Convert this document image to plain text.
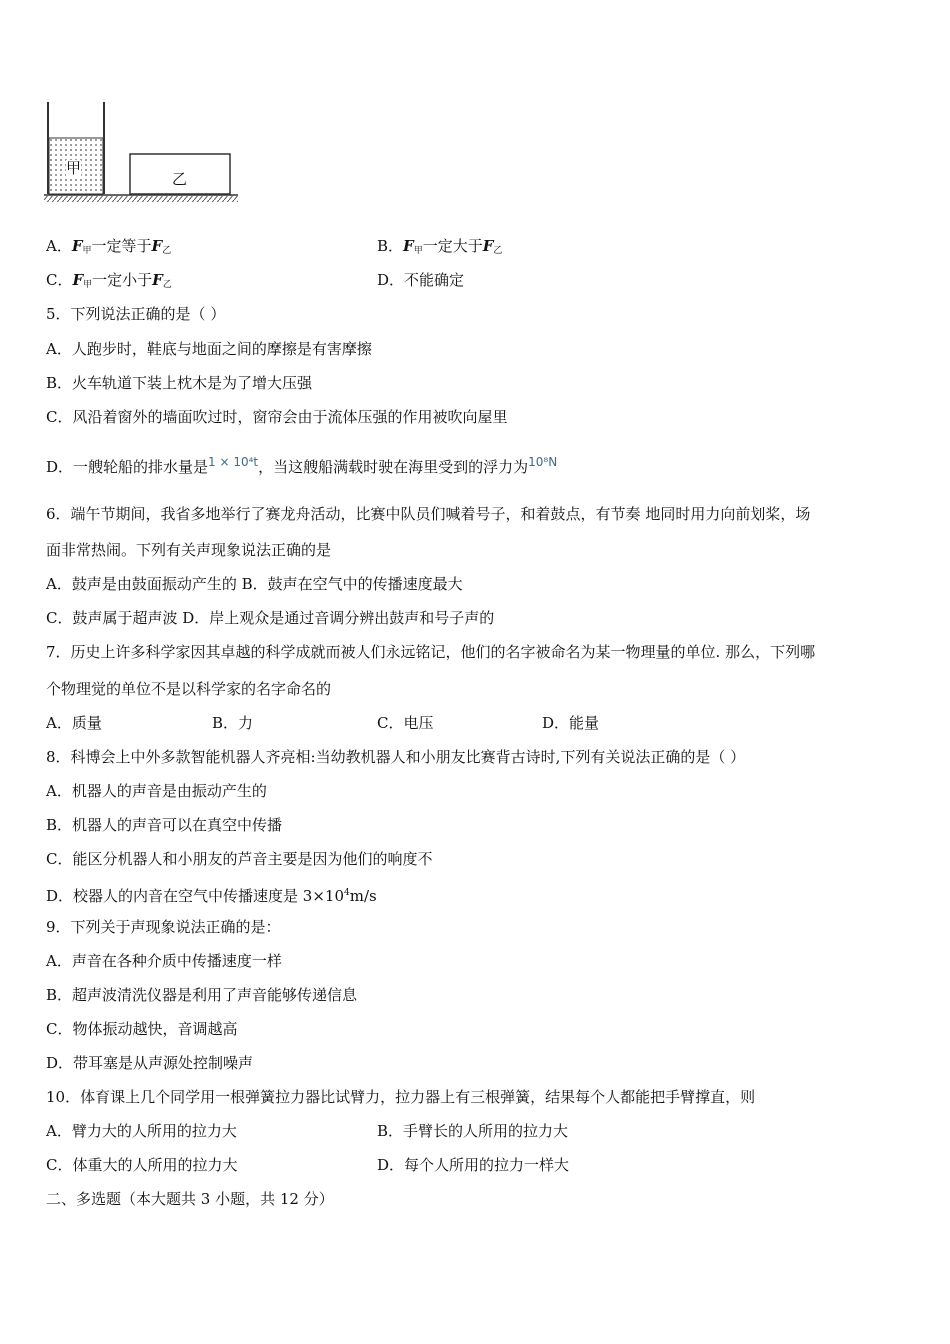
甲
乙
A．$F_甲$一定等于$F_乙$	B．$F_甲$一定大于$F_乙$
C．$F_甲$一定小于$F_乙$	D．不能确定
5．下列说法正确的是（ ）
A．人跑步时，鞋底与地面之间的摩擦是有害摩擦
B．火车轨道下装上枕木是为了增大压强
C．风沿着窗外的墙面吹过时，窗帘会由于流体压强的作用被吹向屋里
D．一艘轮船的排水量是$^{1 \times 10^4t}$，当这艘船满载时驶在海里受到的浮力为$^{10^8N}$
6．端午节期间，我省多地举行了赛龙舟活动，比赛中队员们喊着号子，和着鼓点，有节奏 地同时用力向前划桨，场
面非常热闹。下列有关声现象说法正确的是
A．鼓声是由鼓面振动产生的 B．鼓声在空气中的传播速度最大
C．鼓声属于超声波 D．岸上观众是通过音调分辨出鼓声和号子声的
7．历史上许多科学家因其卓越的科学成就而被人们永远铭记，他们的名字被命名为某一物理量的单位. 那么，下列哪
个物理觉的单位不是以科学家的名字命名的
A．质量	B．力	C．电压	D．能量
8．科博会上中外多款智能机器人齐亮相:当幼教机器人和小朋友比赛背古诗时,下列有关说法正确的是（ ）
A．机器人的声音是由振动产生的
B．机器人的声音可以在真空中传播
C．能区分机器人和小朋友的芦音主要是因为他们的响度不
D．校器人的内音在空气中传播速度是 $3\times 10^4m/s$
9．下列关于声现象说法正确的是：
A．声音在各种介质中传播速度一样
B．超声波清洗仪器是利用了声音能够传递信息
C．物体振动越快，音调越高
D．带耳塞是从声源处控制噪声
10．体育课上几个同学用一根弹簧拉力器比试臂力，拉力器上有三根弹簧，结果每个人都能把手臂撑直，则
A．臂力大的人所用的拉力大	B．手臂长的人所用的拉力大
C．体重大的人所用的拉力大	D．每个人所用的拉力一样大
二、多选题（本大题共 3 小题，共 12 分）
